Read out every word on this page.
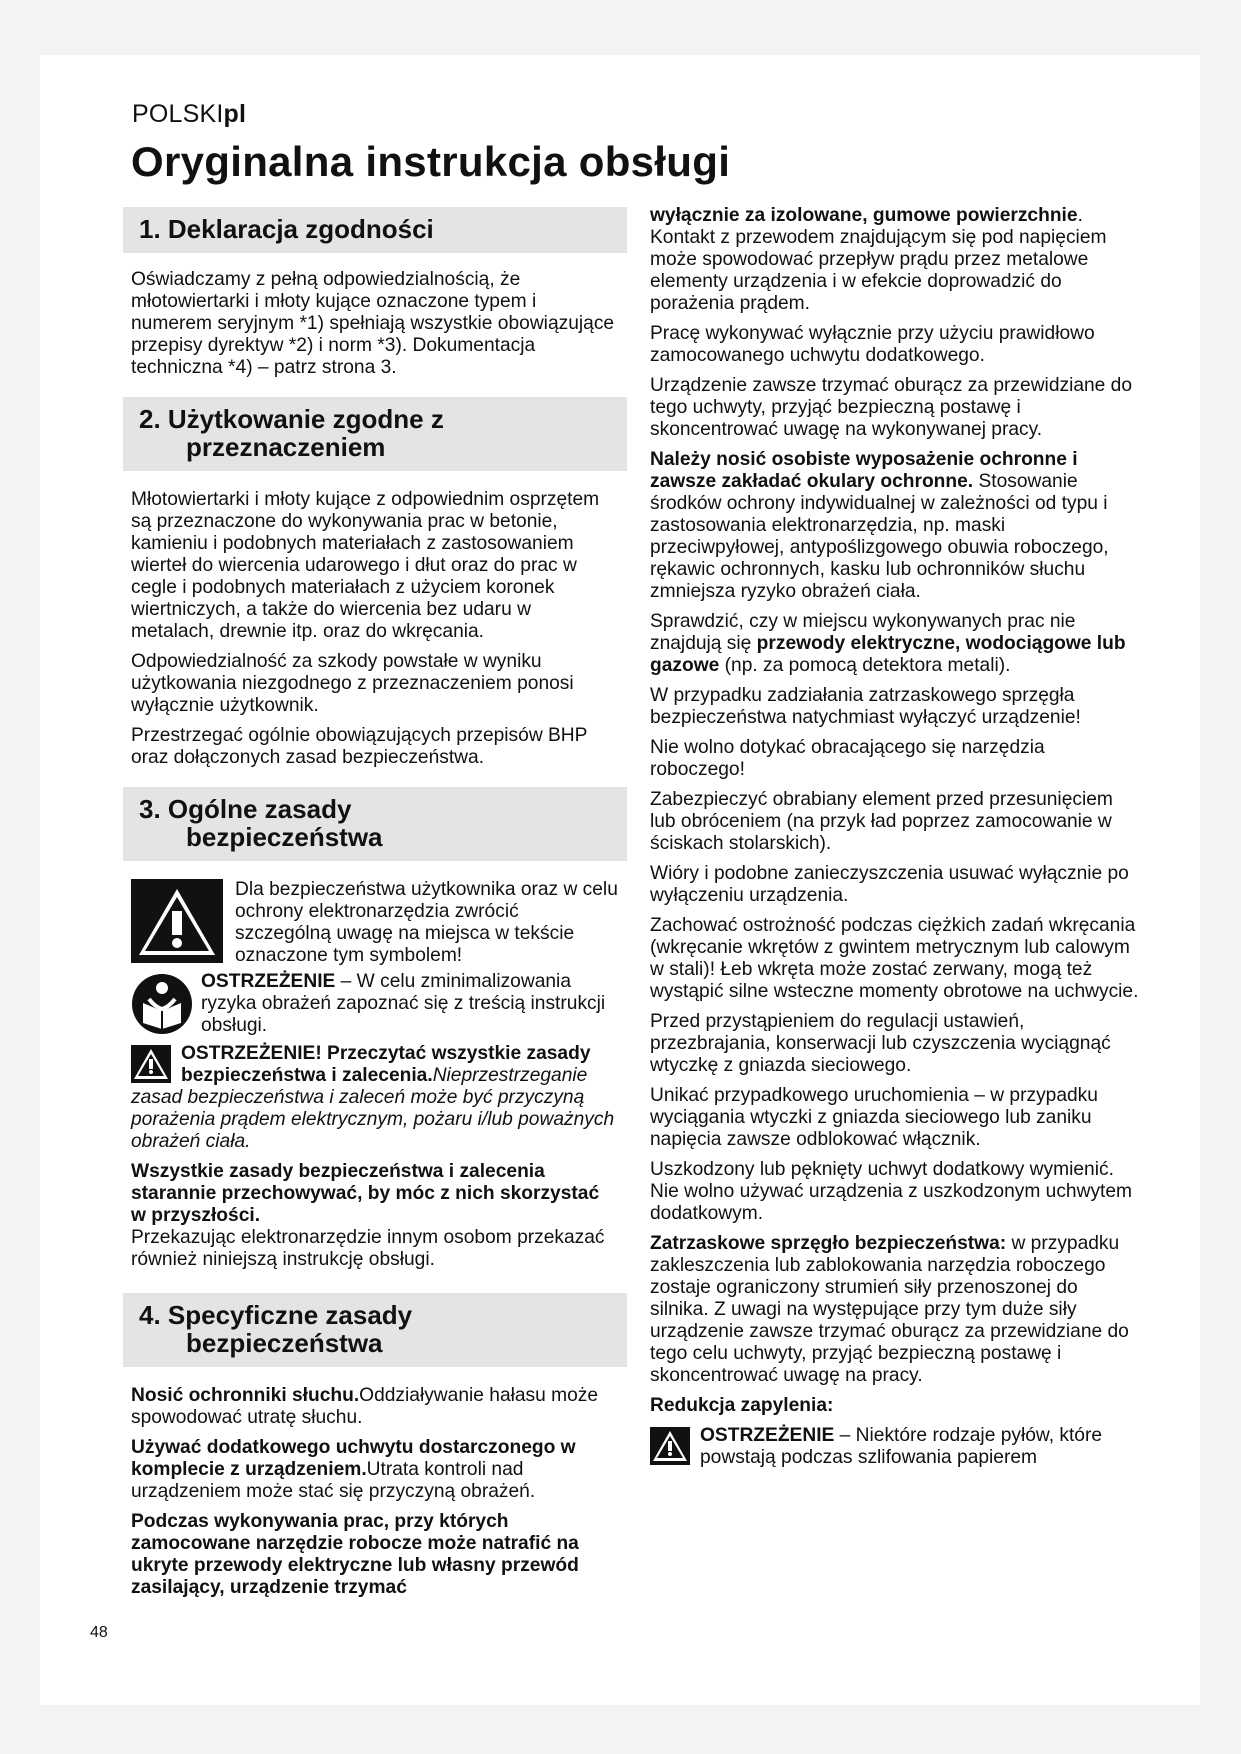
POLSKIpl
Oryginalna instrukcja obsługi
1. Deklaracja zgodności

Oświadczamy z pełną odpowiedzialnością, że młotowiertarki i młoty kujące oznaczone typem i numerem seryjnym *1) spełniają wszystkie obowiązujące przepisy dyrektyw *2) i norm *3). Dokumentacja techniczna *4) – patrz strona 3.

2. Użytkowanie zgodne z
przeznaczeniem

Młotowiertarki i młoty kujące z odpowiednim osprzętem są przeznaczone do wykonywania prac w betonie, kamieniu i podobnych materiałach z zastosowaniem wierteł do wiercenia udarowego i dłut oraz do prac w cegle i podobnych materiałach z użyciem koronek wiertniczych, a także do wiercenia bez udaru w metalach, drewnie itp. oraz do wkręcania.

Odpowiedzialność za szkody powstałe w wyniku użytkowania niezgodnego z przeznaczeniem ponosi wyłącznie użytkownik.

Przestrzegać ogólnie obowiązujących przepisów BHP oraz dołączonych zasad bezpieczeństwa.

3. Ogólne zasady
bezpieczeństwa
Dla bezpieczeństwa użytkownika oraz w celu ochrony elektronarzędzia zwrócić szczególną uwagę na miejsca w tekście oznaczone tym symbolem!
OSTRZEŻENIE – W celu zminimalizowania ryzyka obrażeń zapoznać się z treścią instrukcji obsługi.
OSTRZEŻENIE! Przeczytać wszystkie zasady bezpieczeństwa i zalecenia.Nieprzestrzeganie zasad bezpieczeństwa i zaleceń może być przyczyną porażenia prądem elektrycznym, pożaru i/lub poważnych obrażeń ciała.

Wszystkie zasady bezpieczeństwa i zalecenia starannie przechowywać, by móc z nich skorzystać w przyszłości.

Przekazując elektronarzędzie innym osobom przekazać również niniejszą instrukcję obsługi.

4. Specyficzne zasady
bezpieczeństwa

Nosić ochronniki słuchu.Oddziaływanie hałasu może spowodować utratę słuchu.

Używać dodatkowego uchwytu dostarczonego w komplecie z urządzeniem.Utrata kontroli nad urządzeniem może stać się przyczyną obrażeń.

Podczas wykonywania prac, przy których zamocowane narzędzie robocze może natrafić na ukryte przewody elektryczne lub własny przewód zasilający, urządzenie trzymać

wyłącznie za izolowane, gumowe powierzchnie. Kontakt z przewodem znajdującym się pod napięciem może spowodować przepływ prądu przez metalowe elementy urządzenia i w efekcie doprowadzić do porażenia prądem.

Pracę wykonywać wyłącznie przy użyciu prawidłowo zamocowanego uchwytu dodatkowego.

Urządzenie zawsze trzymać oburącz za przewidziane do tego uchwyty, przyjąć bezpieczną postawę i skoncentrować uwagę na wykonywanej pracy.

Należy nosić osobiste wyposażenie ochronne i zawsze zakładać okulary ochronne. Stosowanie środków ochrony indywidualnej w zależności od typu i zastosowania elektronarzędzia, np. maski przeciwpyłowej, antypoślizgowego obuwia roboczego, rękawic ochronnych, kasku lub ochronników słuchu zmniejsza ryzyko obrażeń ciała.

Sprawdzić, czy w miejscu wykonywanych prac nie znajdują się przewody elektryczne, wodociągowe lub gazowe (np. za pomocą detektora metali).

W przypadku zadziałania zatrzaskowego sprzęgła bezpieczeństwa natychmiast wyłączyć urządzenie!

Nie wolno dotykać obracającego się narzędzia roboczego!

Zabezpieczyć obrabiany element przed przesunięciem lub obróceniem (na przyk ład poprzez zamocowanie w ściskach stolarskich).

Wióry i podobne zanieczyszczenia usuwać wyłącznie po wyłączeniu urządzenia.

Zachować ostrożność podczas ciężkich zadań wkręcania (wkręcanie wkrętów z gwintem metrycznym lub calowym w stali)! Łeb wkręta może zostać zerwany, mogą też wystąpić silne wsteczne momenty obrotowe na uchwycie.

Przed przystąpieniem do regulacji ustawień, przezbrajania, konserwacji lub czyszczenia wyciągnąć wtyczkę z gniazda sieciowego.

Unikać przypadkowego uruchomienia – w przypadku wyciągania wtyczki z gniazda sieciowego lub zaniku napięcia zawsze odblokować włącznik.

Uszkodzony lub pęknięty uchwyt dodatkowy wymienić. Nie wolno używać urządzenia z uszkodzonym uchwytem dodatkowym.

Zatrzaskowe sprzęgło bezpieczeństwa: w przypadku zakleszczenia lub zablokowania narzędzia roboczego zostaje ograniczony strumień siły przenoszonej do silnika. Z uwagi na występujące przy tym duże siły urządzenie zawsze trzymać oburącz za przewidziane do tego celu uchwyty, przyjąć bezpieczną postawę i skoncentrować uwagę na pracy.

Redukcja zapylenia:

OSTRZEŻENIE – Niektóre rodzaje pyłów, które powstają podczas szlifowania papierem
48
